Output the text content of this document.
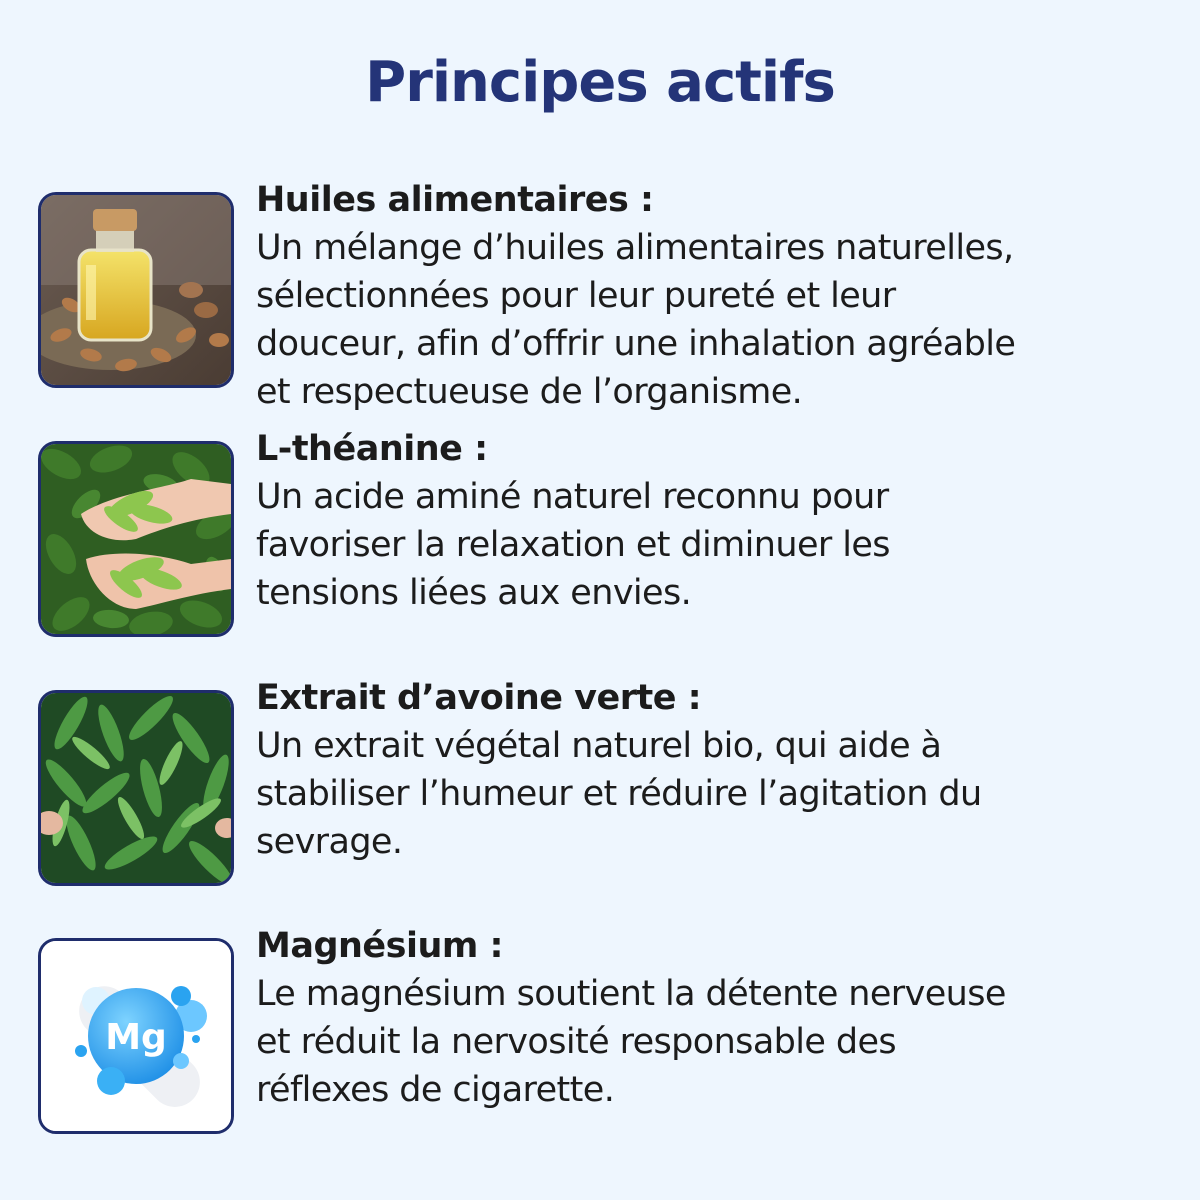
Principes actifs
Huiles alimentaires :
Un mélange d’huiles alimentaires naturelles,
sélectionnées pour leur pureté et leur
douceur, afin d’offrir une inhalation agréable
et respectueuse de l’organisme.
L-théanine :
Un acide aminé naturel reconnu pour
favoriser la relaxation et diminuer les
tensions liées aux envies.
Extrait d’avoine verte :
Un extrait végétal naturel bio, qui aide à
stabiliser l’humeur et réduire l’agitation du
sevrage.
Mg
Magnésium :
Le magnésium soutient la détente nerveuse
et réduit la nervosité responsable des
réflexes de cigarette.
